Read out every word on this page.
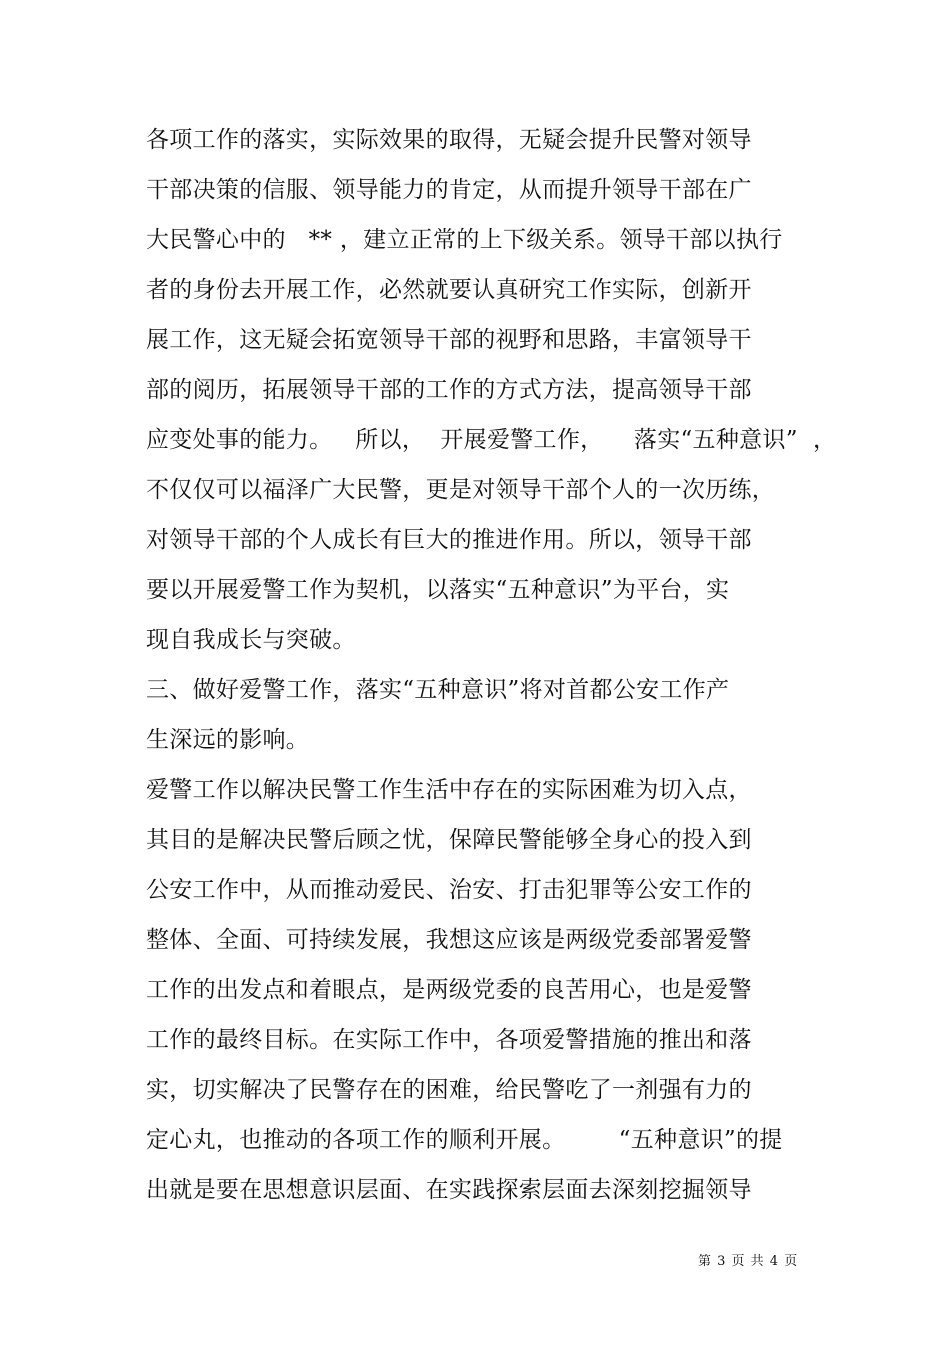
各项工作的落实，实际效果的取得，无疑会提升民警对领导
干部决策的信服、领导能力的肯定，从而提升领导干部在广
大民警心中的   ** ，建立正常的上下级关系。领导干部以执行
者的身份去开展工作，必然就要认真研究工作实际，创新开
展工作，这无疑会拓宽领导干部的视野和思路，丰富领导干
部的阅历，拓展领导干部的工作的方式方法，提高领导干部
应变处事的能力。   所以，  开展爱警工作，    落实“五种意识”  ，
不仅仅可以福泽广大民警，更是对领导干部个人的一次历练，
对领导干部的个人成长有巨大的推进作用。所以，领导干部
要以开展爱警工作为契机，以落实“五种意识”为平台，实
现自我成长与突破。
三、做好爱警工作，落实“五种意识”将对首都公安工作产
生深远的影响。
爱警工作以解决民警工作生活中存在的实际困难为切入点，
其目的是解决民警后顾之忧，保障民警能够全身心的投入到
公安工作中，从而推动爱民、治安、打击犯罪等公安工作的
整体、全面、可持续发展，我想这应该是两级党委部署爱警
工作的出发点和着眼点，是两级党委的良苦用心，也是爱警
工作的最终目标。在实际工作中，各项爱警措施的推出和落
实，切实解决了民警存在的困难，给民警吃了一剂强有力的
定心丸，也推动的各项工作的顺利开展。       “五种意识”的提
出就是要在思想意识层面、在实践探索层面去深刻挖掘领导
第 3 页 共 4 页
